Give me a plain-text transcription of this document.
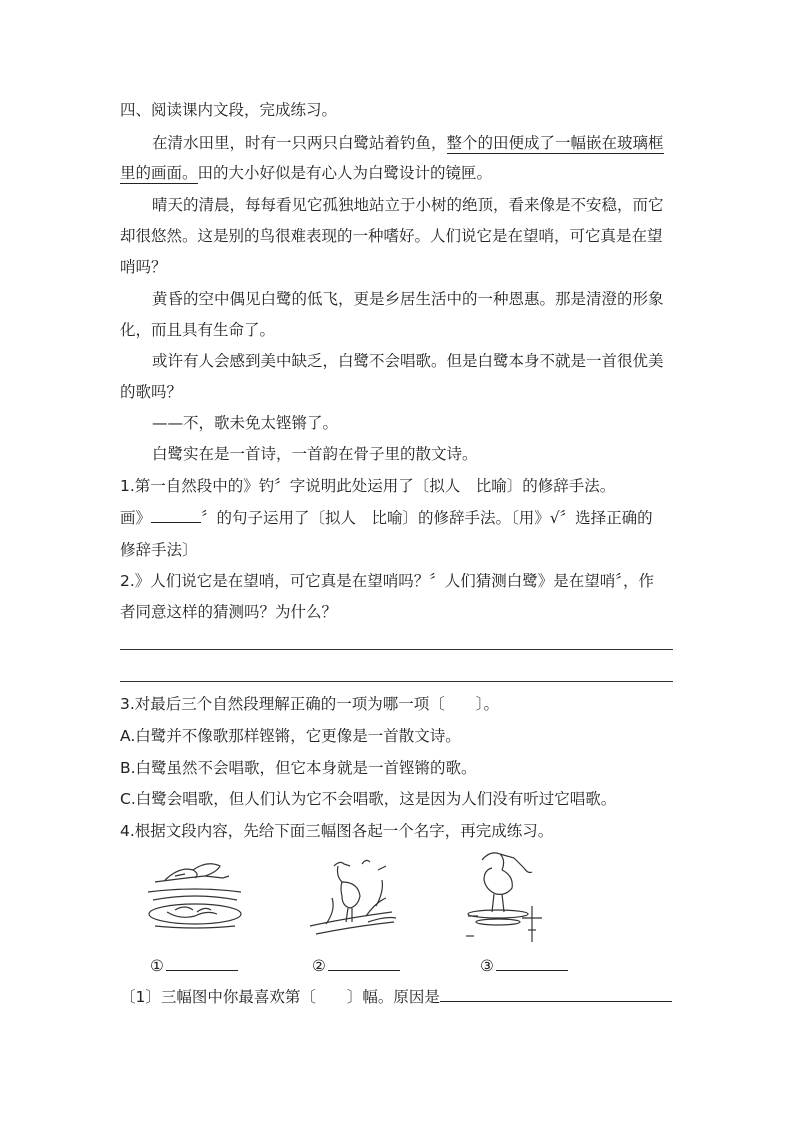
四、阅读课内文段，完成练习。
在清水田里，时有一只两只白鹭站着钓鱼，整个的田便成了一幅嵌在玻璃框
里的画面。田的大小好似是有心人为白鹭设计的镜匣。
晴天的清晨，每每看见它孤独地站立于小树的绝顶，看来像是不安稳，而它
却很悠然。这是别的鸟很难表现的一种嗜好。人们说它是在望哨，可它真是在望
哨吗？
黄昏的空中偶见白鹭的低飞，更是乡居生活中的一种恩惠。那是清澄的形象
化，而且具有生命了。
或许有人会感到美中缺乏，白鹭不会唱歌。但是白鹭本身不就是一首很优美
的歌吗？
——不，歌未免太铿锵了。
白鹭实在是一首诗，一首韵在骨子里的散文诗。
1.第一自然段中的》钓〞字说明此处运用了〔拟人　比喻〕的修辞手法。
画》	〞的句子运用了〔拟人　比喻〕的修辞手法。〔用》√〞选择正确的
修辞手法〕
2.》人们说它是在望哨，可它真是在望哨吗？〞人们猜测白鹭》是在望哨〞，作
者同意这样的猜测吗？为什么？
3.对最后三个自然段理解正确的一项为哪一项〔　　〕。
A.白鹭并不像歌那样铿锵，它更像是一首散文诗。
B.白鹭虽然不会唱歌，但它本身就是一首铿锵的歌。
C.白鹭会唱歌，但人们认为它不会唱歌，这是因为人们没有听过它唱歌。
4.根据文段内容，先给下面三幅图各起一个名字，再完成练习。
①	②	③
〔1〕三幅图中你最喜欢第〔　　〕幅。原因是
